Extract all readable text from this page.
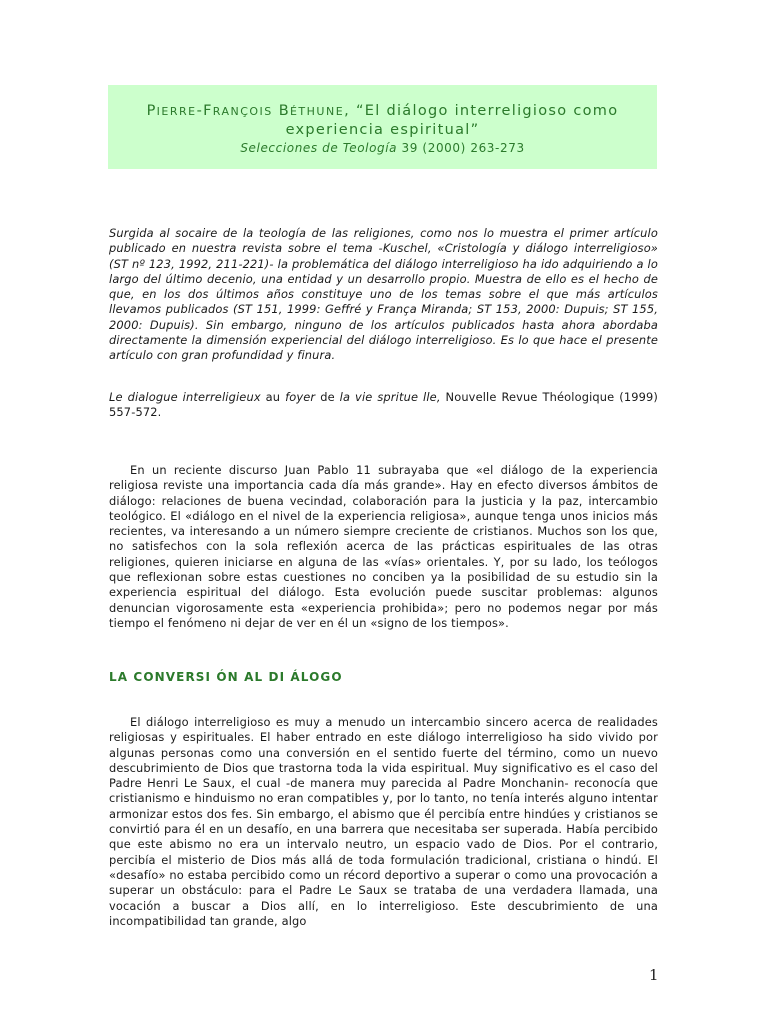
PIERRE-FRANÇOIS BÉTHUNE, “El diálogo interreligioso como
experiencia espiritual”
Selecciones de Teología 39 (2000) 263-273

Surgida al socaire de la teología de las religiones, como nos lo muestra el primer artículo publicado en nuestra revista sobre el tema -Kuschel, «Cristología y diálogo interreligioso» (ST nº 123, 1992, 211-221)- la problemática del diálogo interreligioso ha ido adquiriendo a lo largo del último decenio, una entidad y un desarrollo propio. Muestra de ello es el hecho de que, en los dos últimos años constituye uno de los temas sobre el que más artículos llevamos publicados (ST 151, 1999: Geffré y França Miranda; ST 153, 2000: Dupuis; ST 155, 2000: Dupuis). Sin embargo, ninguno de los artículos publicados hasta ahora abordaba directamente la dimensión experiencial del diálogo interreligioso. Es lo que hace el presente artículo con gran profundidad y finura.

Le dialogue interreligieux au foyer de la vie spritue lle, Nouvelle Revue Théologique (1999) 557-572.

En un reciente discurso Juan Pablo 11 subrayaba que «el diálogo de la experiencia religiosa reviste una importancia cada día más grande». Hay en efecto diversos ámbitos de diálogo: relaciones de buena vecindad, colaboración para la justicia y la paz, intercambio teológico. El «diálogo en el nivel de la experiencia religiosa», aunque tenga unos inicios más recientes, va interesando a un número siempre creciente de cristianos. Muchos son los que, no satisfechos con la sola reflexión acerca de las prácticas espirituales de las otras religiones, quieren iniciarse en alguna de las «vías» orientales. Y, por su lado, los teólogos que reflexionan sobre estas cuestiones no conciben ya la posibilidad de su estudio sin la experiencia espiritual del diálogo. Esta evolución puede suscitar problemas: algunos denuncian vigorosamente esta «experiencia prohibida»; pero no podemos negar por más tiempo el fenómeno ni dejar de ver en él un «signo de los tiempos».

LA CONVERSI ÓN AL DI ÁLOGO

El diálogo interreligioso es muy a menudo un intercambio sincero acerca de realidades religiosas y espirituales. El haber entrado en este diálogo interreligioso ha sido vivido por algunas personas como una conversión en el sentido fuerte del término, como un nuevo descubrimiento de Dios que trastorna toda la vida espiritual. Muy significativo es el caso del Padre Henri Le Saux, el cual -de manera muy parecida al Padre Monchanin- reconocía que cristianismo e hinduismo no eran compatibles y, por lo tanto, no tenía interés alguno intentar armonizar estos dos fes. Sin embargo, el abismo que él percibía entre hindúes y cristianos se convirtió para él en un desafío, en una barrera que necesitaba ser superada. Había percibido que este abismo no era un intervalo neutro, un espacio vado de Dios. Por el contrario, percibía el misterio de Dios más allá de toda formulación tradicional, cristiana o hindú. El «desafío» no estaba percibido como un récord deportivo a superar o como una provocación a superar un obstáculo: para el Padre Le Saux se trataba de una verdadera llamada, una vocación a buscar a Dios allí, en lo interreligioso. Este descubrimiento de una incompatibilidad tan grande, algo

1
